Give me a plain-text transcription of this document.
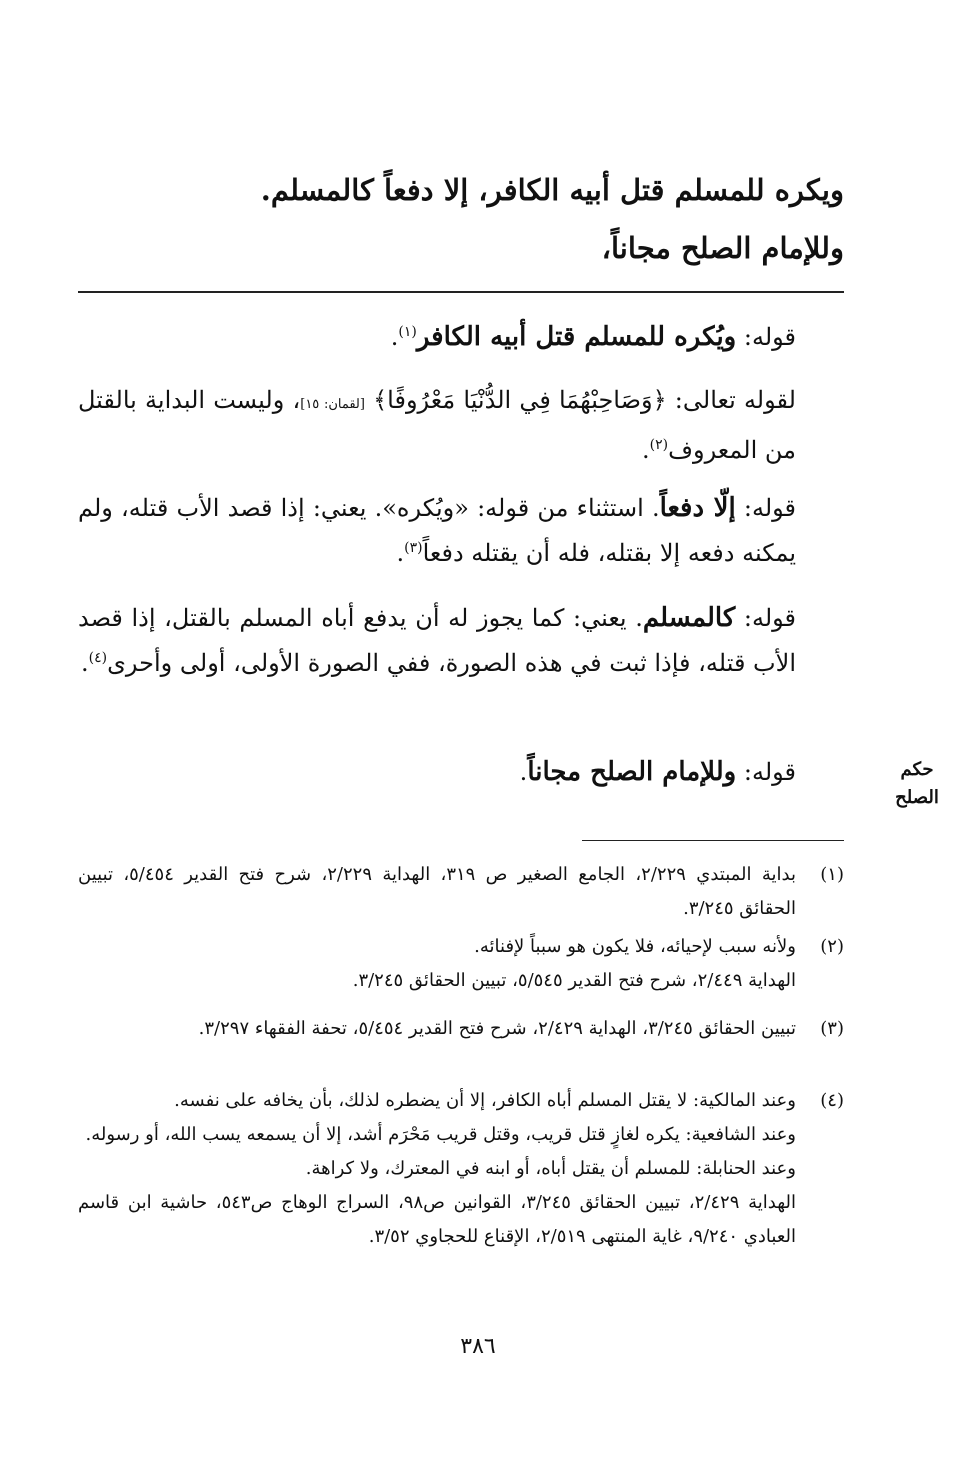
ويكره للمسلم قتل أبيه الكافر، إلا دفعاً كالمسلم.
وللإمام الصلح مجاناً،
قوله: ويُكره للمسلم قتل أبيه الكافر$^{(١)}$.
لقوله تعالى: ﴿وَصَاحِبْهُمَا فِي الدُّنْيَا مَعْرُوفًا﴾ [لقمان: ١٥]، وليست البداية بالقتل من المعروف$^{(٢)}$.
قوله: إلّا دفعاً. استثناء من قوله: «ويُكره». يعني: إذا قصد الأب قتله، ولم يمكنه دفعه إلا بقتله، فله أن يقتله دفعاً$^{(٣)}$.
قوله: كالمسلم. يعني: كما يجوز له أن يدفع أباه المسلم بالقتل، إذا قصد الأب قتله، فإذا ثبت في هذه الصورة، ففي الصورة الأولى، أولى وأحرى$^{(٤)}$.
قوله: وللإمام الصلح مجاناً.	حكم
الصلح
(١)
بداية المبتدي ٢/٢٢٩، الجامع الصغير ص ٣١٩، الهداية ٢/٢٢٩، شرح فتح القدير ٥/٤٥٤، تبيين الحقائق ٣/٢٤٥.
(٢)
ولأنه سبب لإحيائه، فلا يكون هو سبباً لإفنائه.
الهداية ٢/٤٤٩، شرح فتح القدير ٥/٥٤٥، تبيين الحقائق ٣/٢٤٥.
(٣)
تبيين الحقائق ٣/٢٤٥، الهداية ٢/٤٢٩، شرح فتح القدير ٥/٤٥٤، تحفة الفقهاء ٣/٢٩٧.
(٤)
وعند المالكية: لا يقتل المسلم أباه الكافر، إلا أن يضطره لذلك، بأن يخافه على نفسه.
وعند الشافعية: يكره لغازٍ قتل قريب، وقتل قريب مَحْرَم أشد، إلا أن يسمعه يسب الله، أو رسوله.
وعند الحنابلة: للمسلم أن يقتل أباه، أو ابنه في المعترك، ولا كراهة.
الهداية ٢/٤٢٩، تبيين الحقائق ٣/٢٤٥، القوانين ص٩٨، السراج الوهاج ص٥٤٣، حاشية ابن قاسم العبادي ٩/٢٤٠، غاية المنتهى ٢/٥١٩، الإقناع للحجاوي ٣/٥٢.
٣٨٦
